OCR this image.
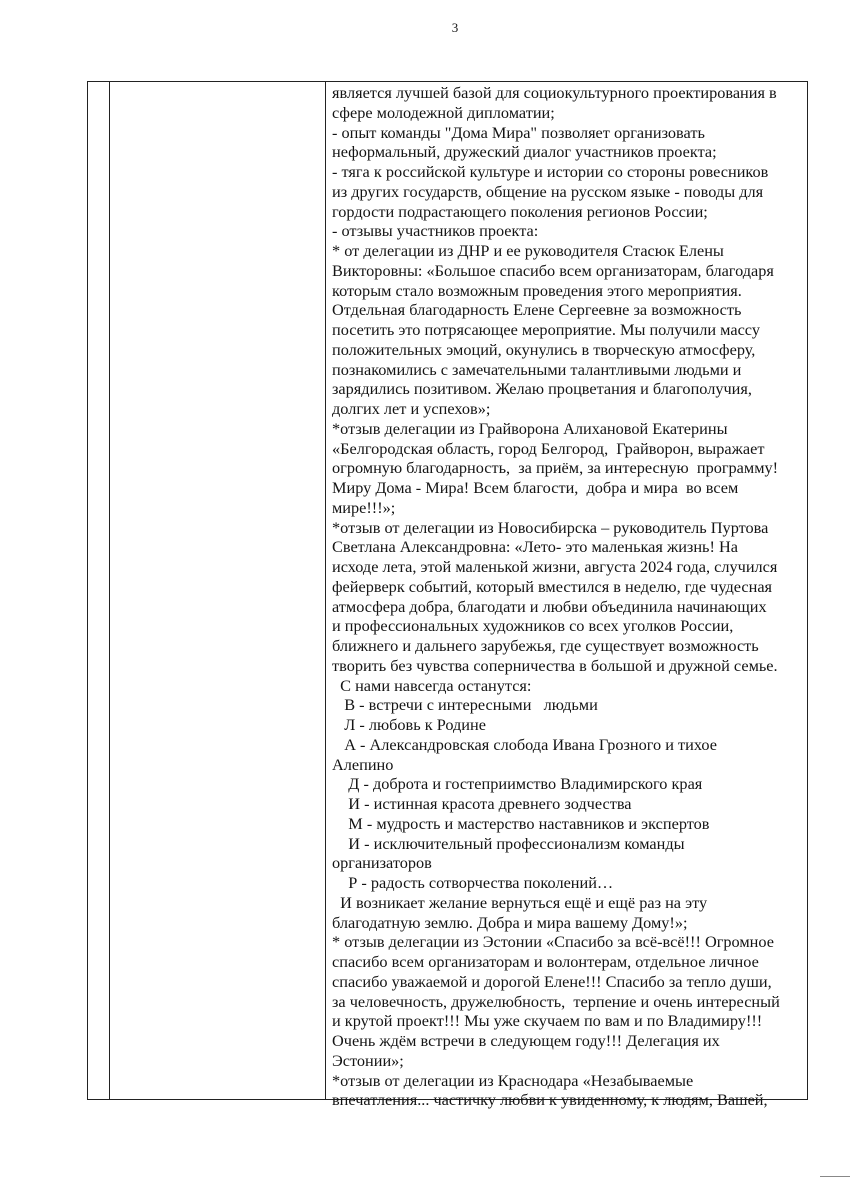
3
является лучшей базой для социокультурного проектирования в
сфере молодежной дипломатии;
- опыт команды "Дома Мира" позволяет организовать
неформальный, дружеский диалог участников проекта;
- тяга к российской культуре и истории со стороны ровесников
из других государств, общение на русском языке - поводы для
гордости подрастающего поколения регионов России;
- отзывы участников проекта:
* от делегации из ДНР и ее руководителя Стасюк Елены
Викторовны: «Большое спасибо всем организаторам, благодаря
которым стало возможным проведения этого мероприятия.
Отдельная благодарность Елене Сергеевне за возможность
посетить это потрясающее мероприятие. Мы получили массу
положительных эмоций, окунулись в творческую атмосферу,
познакомились с замечательными талантливыми людьми и
зарядились позитивом. Желаю процветания и благополучия,
долгих лет и успехов»;
*отзыв делегации из Грайворона Алихановой Екатерины
«Белгородская область, город Белгород,  Грайворон, выражает
огромную благодарность,  за приём, за интересную  программу!
Миру Дома - Мира! Всем благости,  добра и мира  во всем
мире!!!»;
*отзыв от делегации из Новосибирска – руководитель Пуртова
Светлана Александровна: «Лето- это маленькая жизнь! На
исходе лета, этой маленькой жизни, августа 2024 года, случился
фейерверк событий, который вместился в неделю, где чудесная
атмосфера добра, благодати и любви объединила начинающих
и профессиональных художников со всех уголков России,
ближнего и дальнего зарубежья, где существует возможность
творить без чувства соперничества в большой и дружной семье.
С нами навсегда останутся:
В - встречи с интересными   людьми
Л - любовь к Родине
А - Александровская слобода Ивана Грозного и тихое
Алепино
Д - доброта и гостеприимство Владимирского края
И - истинная красота древнего зодчества
М - мудрость и мастерство наставников и экспертов
И - исключительный профессионализм команды
организаторов
Р - радость сотворчества поколений…
И возникает желание вернуться ещё и ещё раз на эту
благодатную землю. Добра и мира вашему Дому!»;
* отзыв делегации из Эстонии «Спасибо за всё-всё!!! Огромное
спасибо всем организаторам и волонтерам, отдельное личное
спасибо уважаемой и дорогой Елене!!! Спасибо за тепло души,
за человечность, дружелюбность,  терпение и очень интересный
и крутой проект!!! Мы уже скучаем по вам и по Владимиру!!!
Очень ждём встречи в следующем году!!! Делегация их
Эстонии»;
*отзыв от делегации из Краснодара «Незабываемые
впечатления... частичку любви к увиденному, к людям, Вашей,
